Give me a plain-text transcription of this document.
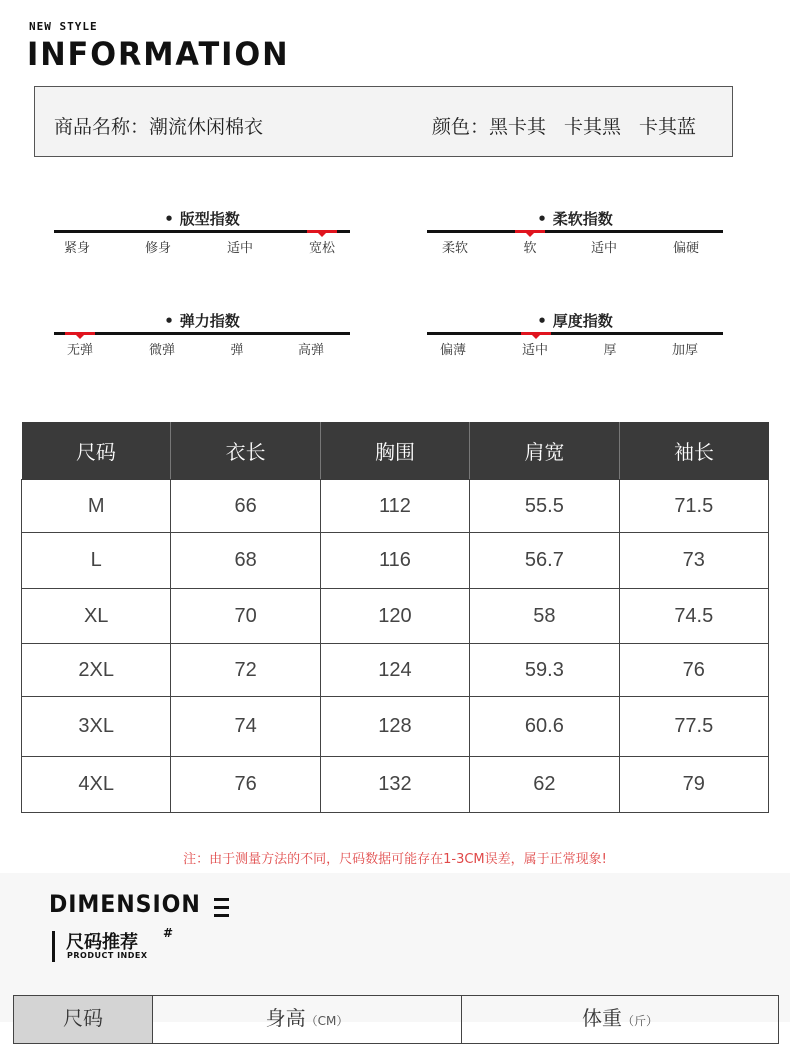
NEW STYLE
INFORMATION
商品名称：潮流休闲棉衣	颜色：黑卡其 卡其黑 卡其蓝
• 版型指数
紧身	修身	适中	宽松
• 柔软指数
柔软	软	适中	偏硬
• 弹力指数
无弹	微弹	弹	高弹
• 厚度指数
偏薄	适中	厚	加厚
尺码	衣长	胸围	肩宽	袖长
M	66	112	55.5	71.5
L	68	116	56.7	73
XL	70	120	58	74.5
2XL	72	124	59.3	76
3XL	74	128	60.6	77.5
4XL	76	132	62	79
注：由于测量方法的不同，尺码数据可能存在1-3CM误差，属于正常现象!
DIMENSION
尺码推荐 #
PRODUCT INDEX
尺码	身高（CM）	体重（斤）
